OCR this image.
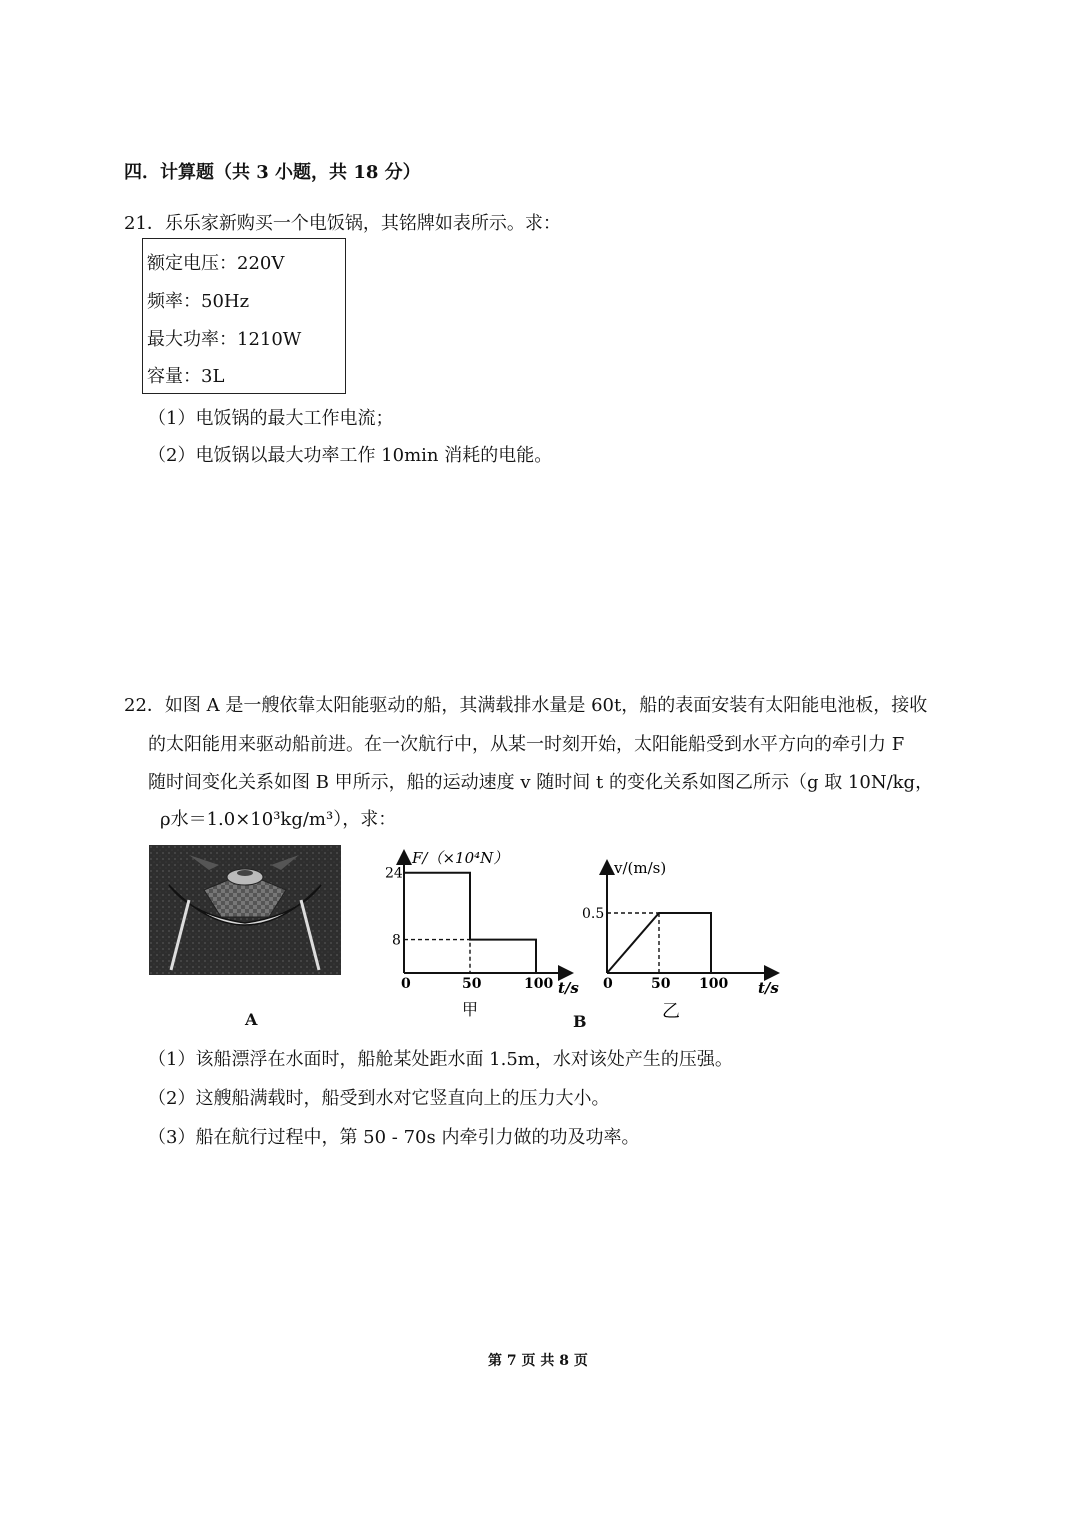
四．计算题（共 3 小题，共 18 分）
21．乐乐家新购买一个电饭锅，其铭牌如表所示。求：
额定电压：220V
频率：50Hz
最大功率：1210W
容量：3L
（1）电饭锅的最大工作电流；
（2）电饭锅以最大功率工作 10min 消耗的电能。
22．如图 A 是一艘依靠太阳能驱动的船，其满载排水量是 60t，船的表面安装有太阳能电池板，接收
的太阳能用来驱动船前进。在一次航行中，从某一时刻开始，太阳能船受到水平方向的牵引力 F
随时间变化关系如图 B 甲所示，船的运动速度 v 随时间 t 的变化关系如图乙所示（g 取 10N/kg，
ρ水＝1.0×10³kg/m³），求：
A
F/（×10⁴N）
t/s
0	50	100
24
8
甲
B
v/(m/s)
t/s
0	50 100
0.5
乙
（1）该船漂浮在水面时，船舱某处距水面 1.5m，水对该处产生的压强。
（2）这艘船满载时，船受到水对它竖直向上的压力大小。
（3）船在航行过程中，第 50 - 70s 内牵引力做的功及功率。
第 7 页 共 8 页
